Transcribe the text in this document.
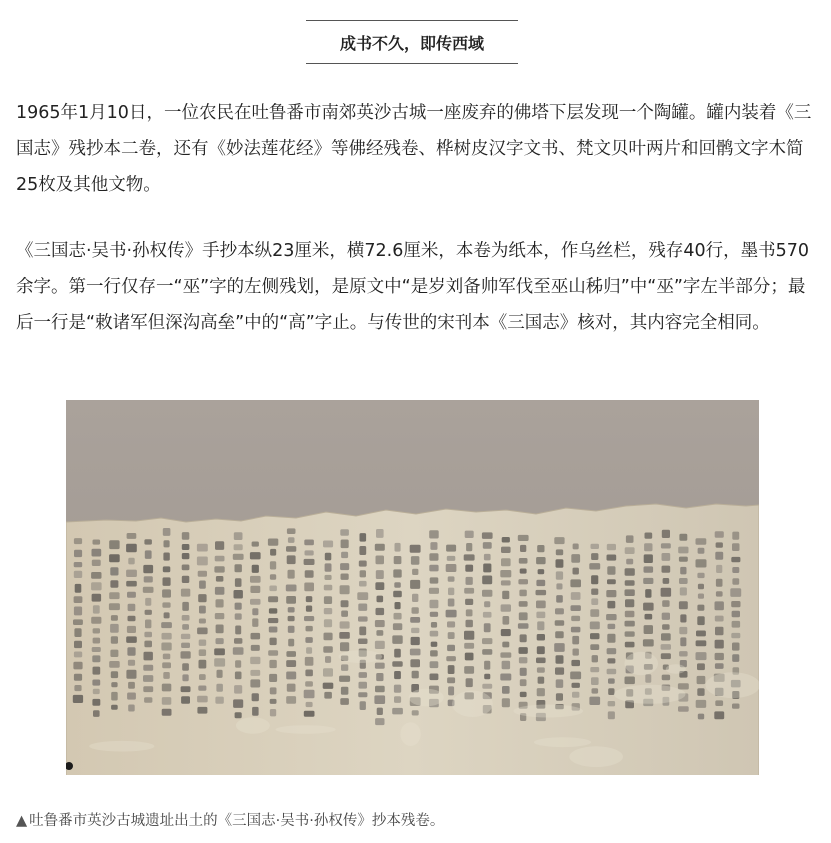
成书不久，即传西域

1965年1月10日，一位农民在吐鲁番市南郊英沙古城一座废弃的佛塔下层发现一个陶罐。罐内装着《三国志》残抄本二卷，还有《妙法莲花经》等佛经残卷、桦树皮汉字文书、梵文贝叶两片和回鹘文字木简25枚及其他文物。

《三国志·吴书·孙权传》手抄本纵23厘米，横72.6厘米，本卷为纸本，作乌丝栏，残存40行，墨书570余字。第一行仅存一“巫”字的左侧残划，是原文中“是岁刘备帅军伐至巫山秭归”中“巫”字左半部分；最后一行是“敕诸军但深沟高垒”中的“高”字止。与传世的宋刊本《三国志》核对，其内容完全相同。

▲ 吐鲁番市英沙古城遗址出土的《三国志·吴书·孙权传》抄本残卷。
